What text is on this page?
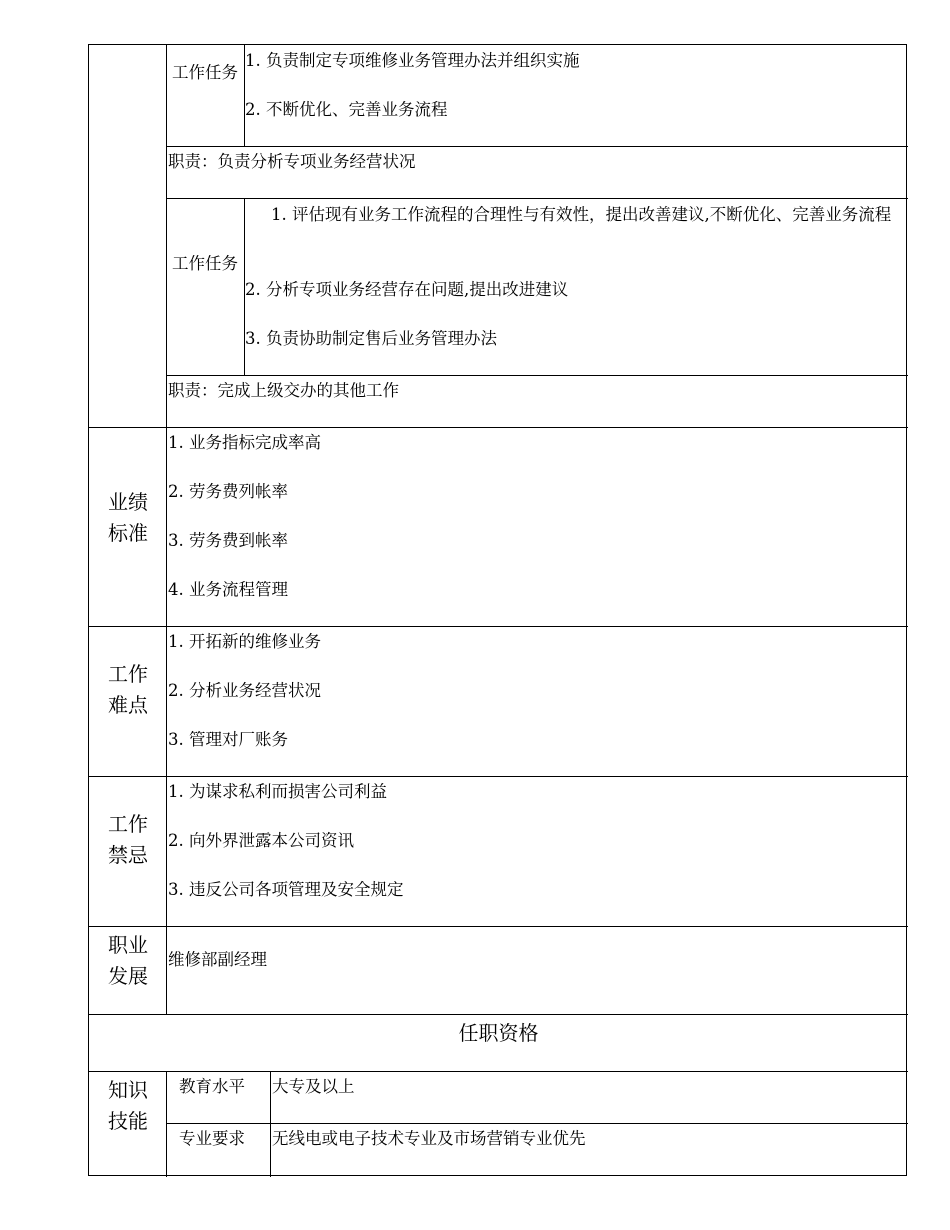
工作任务
1. 负责制定专项维修业务管理办法并组织实施
2. 不断优化、完善业务流程
职责：负责分析专项业务经营状况
工作任务
1. 评估现有业务工作流程的合理性与有效性，提出改善建议,不断优化、完善业务流程
2. 分析专项业务经营存在问题,提出改进建议
3. 负责协助制定售后业务管理办法
职责：完成上级交办的其他工作
业绩标准
1. 业务指标完成率高
2. 劳务费列帐率
3. 劳务费到帐率
4. 业务流程管理
工作难点
1. 开拓新的维修业务
2. 分析业务经营状况
3. 管理对厂账务
工作禁忌
1. 为谋求私利而损害公司利益
2. 向外界泄露本公司资讯
3. 违反公司各项管理及安全规定
职业发展
维修部副经理
任职资格
知识技能
教育水平 大专及以上
专业要求 无线电或电子技术专业及市场营销专业优先
